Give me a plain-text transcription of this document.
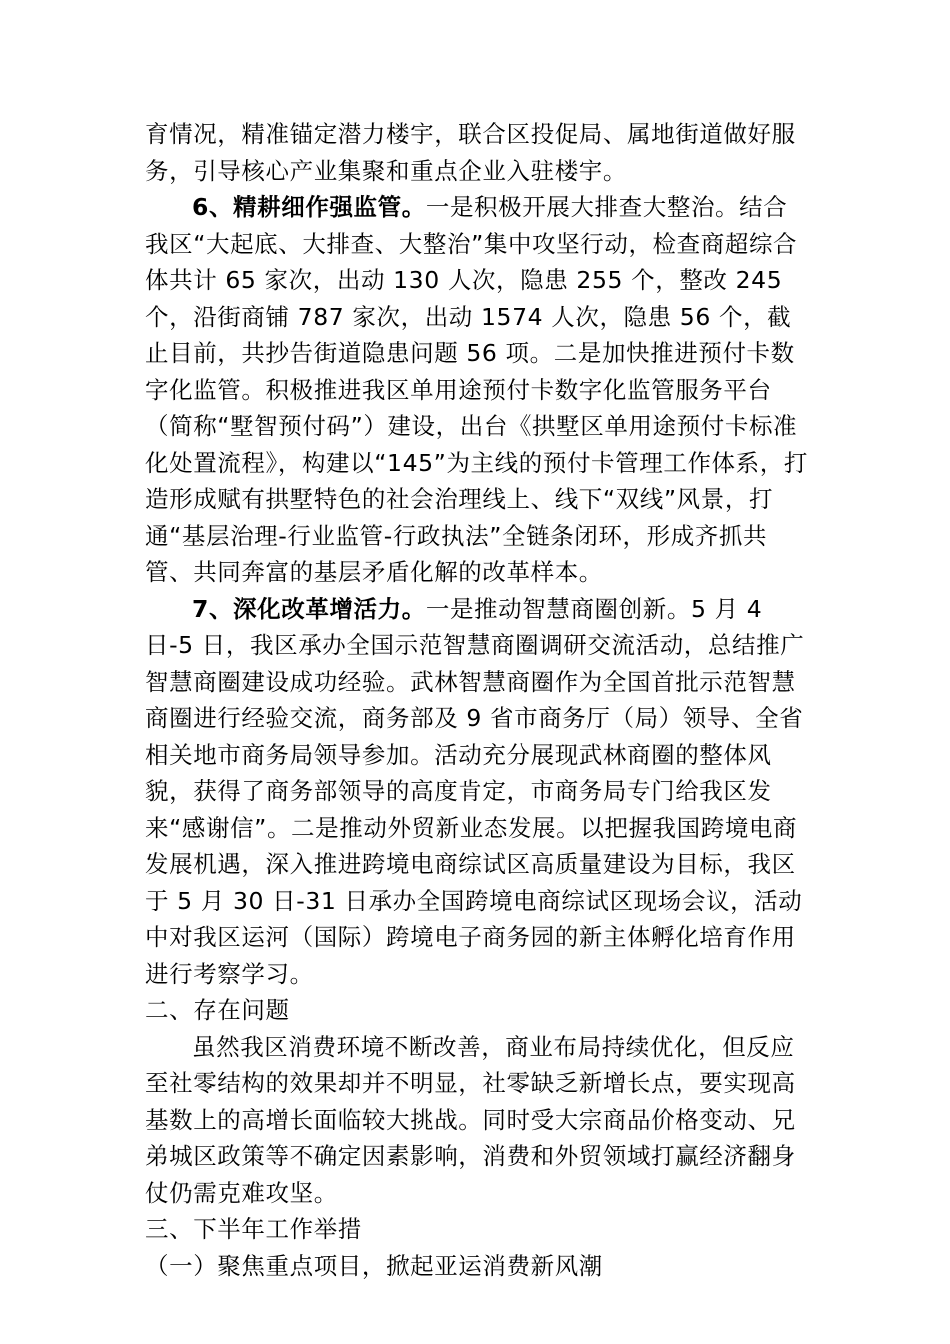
育情况，精准锚定潜力楼宇，联合区投促局、属地街道做好服务，引导核心产业集聚和重点企业入驻楼宇。

6、精耕细作强监管。一是积极开展大排查大整治。结合我区“大起底、大排查、大整治”集中攻坚行动，检查商超综合体共计 65 家次，出动 130 人次，隐患 255 个，整改 245 个，沿街商铺 787 家次，出动 1574 人次，隐患 56 个，截止目前，共抄告街道隐患问题 56 项。二是加快推进预付卡数字化监管。积极推进我区单用途预付卡数字化监管服务平台（简称“墅智预付码”）建设，出台《拱墅区单用途预付卡标准化处置流程》，构建以“145”为主线的预付卡管理工作体系，打造形成赋有拱墅特色的社会治理线上、线下“双线”风景，打通“基层治理-行业监管-行政执法”全链条闭环，形成齐抓共管、共同奔富的基层矛盾化解的改革样本。

7、深化改革增活力。一是推动智慧商圈创新。5 月 4 日-5 日，我区承办全国示范智慧商圈调研交流活动，总结推广智慧商圈建设成功经验。武林智慧商圈作为全国首批示范智慧商圈进行经验交流，商务部及 9 省市商务厅（局）领导、全省相关地市商务局领导参加。活动充分展现武林商圈的整体风貌，获得了商务部领导的高度肯定，市商务局专门给我区发来“感谢信”。二是推动外贸新业态发展。以把握我国跨境电商发展机遇，深入推进跨境电商综试区高质量建设为目标，我区于 5 月 30 日-31 日承办全国跨境电商综试区现场会议，活动中对我区运河（国际）跨境电子商务园的新主体孵化培育作用进行考察学习。

二、存在问题

虽然我区消费环境不断改善，商业布局持续优化，但反应至社零结构的效果却并不明显，社零缺乏新增长点，要实现高基数上的高增长面临较大挑战。同时受大宗商品价格变动、兄弟城区政策等不确定因素影响，消费和外贸领域打赢经济翻身仗仍需克难攻坚。

三、下半年工作举措

（一）聚焦重点项目，掀起亚运消费新风潮
